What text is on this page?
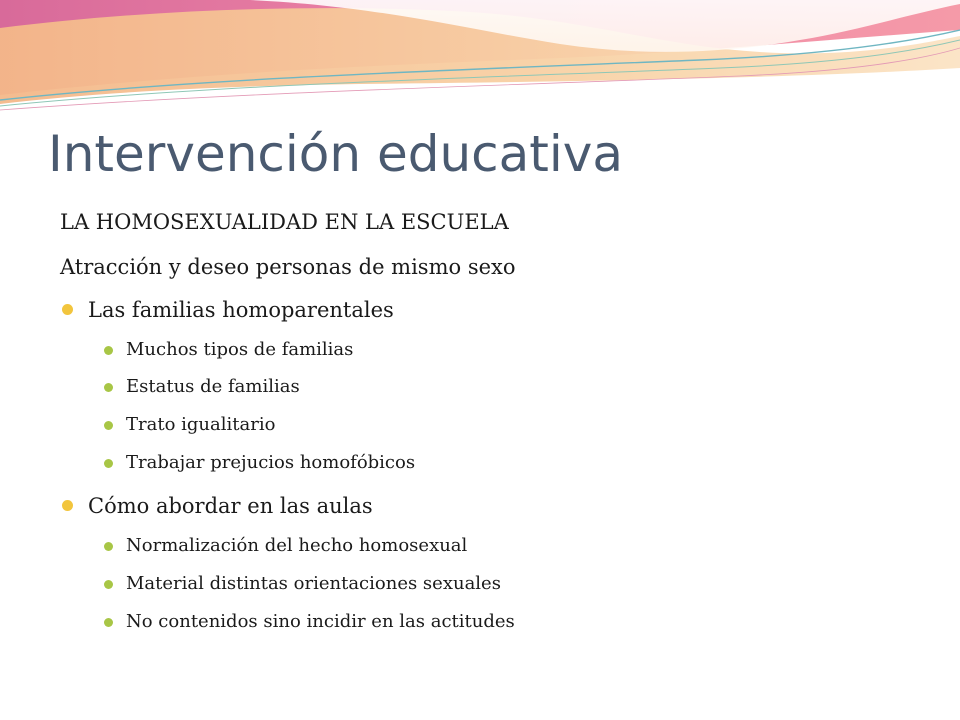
Intervención educativa

LA HOMOSEXUALIDAD EN LA ESCUELA

Atracción y deseo personas de mismo sexo

Las familias homoparentales

Muchos tipos de familias

Estatus de familias

Trato igualitario

Trabajar prejucios homofóbicos

Cómo abordar en las aulas

Normalización del hecho homosexual

Material distintas orientaciones sexuales

No contenidos sino incidir en las actitudes
